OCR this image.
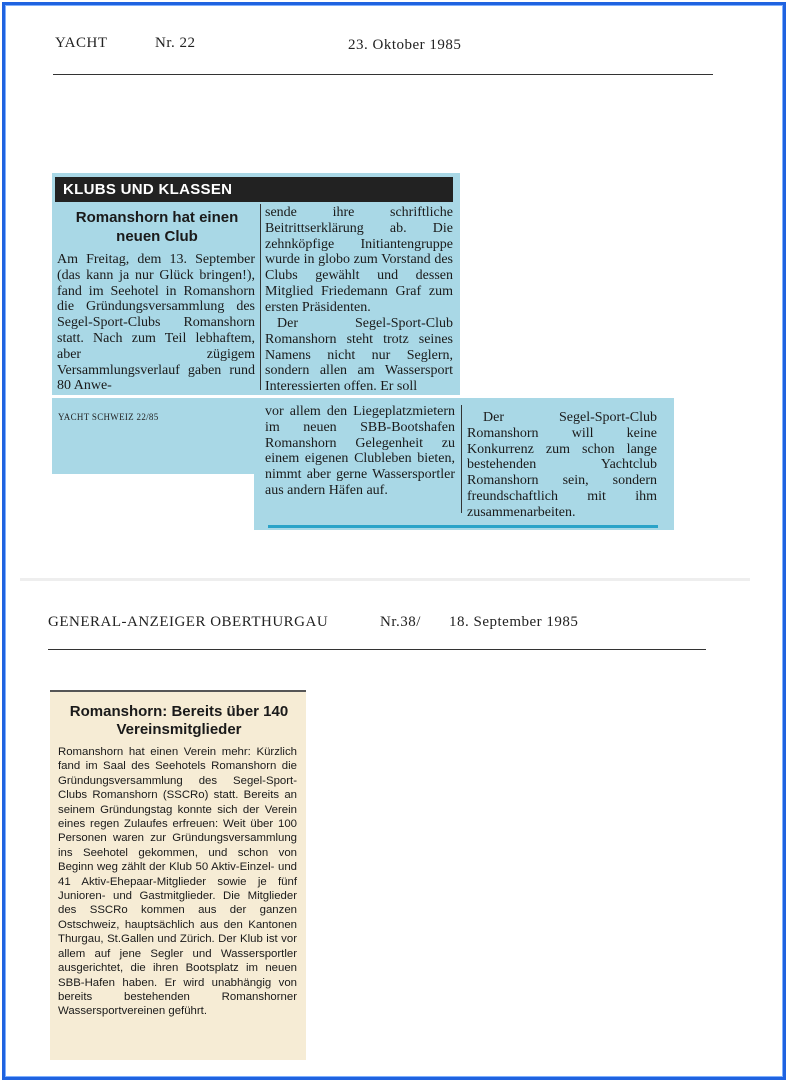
YACHT	Nr. 22	23. Oktober 1985
KLUBS UND KLASSEN
Romanshorn hat einen neuen Club
Am Freitag, dem 13. September (das kann ja nur Glück bringen!), fand im Seehotel in Romanshorn die Gründungsversammlung des Segel-Sport-Clubs Romanshorn statt. Nach zum Teil lebhaftem, aber zügigem Versammlungsverlauf gaben rund 80 Anwe-
sende ihre schriftliche Beitrittserklärung ab. Die zehnköpfige Initiantengruppe wurde in globo zum Vorstand des Clubs gewählt und dessen Mitglied Friedemann Graf zum ersten Präsidenten.
Der Segel-Sport-Club Romanshorn steht trotz seines Namens nicht nur Seglern, sondern allen am Wassersport Interessierten offen. Er soll
YACHT SCHWEIZ 22/85	vor allem den Liegeplatzmietern im neuen SBB-Bootshafen Romanshorn Gelegenheit zu einem eigenen Clubleben bieten, nimmt aber gerne Wassersportler aus andern Häfen auf.
Der Segel-Sport-Club Romanshorn will keine Konkurrenz zum schon lange bestehenden Yachtclub Romanshorn sein, sondern freundschaftlich mit ihm zusammenarbeiten.
GENERAL-ANZEIGER OBERTHURGAU	Nr.38/ 18. September 1985
Romanshorn: Bereits über 140 Vereinsmitglieder
Romanshorn hat einen Verein mehr: Kürzlich fand im Saal des Seehotels Romanshorn die Gründungsversammlung des Segel-Sport-Clubs Romanshorn (SSCRo) statt. Bereits an seinem Gründungstag konnte sich der Verein eines regen Zulaufes erfreuen: Weit über 100 Personen waren zur Gründungsversammlung ins Seehotel gekommen, und schon von Beginn weg zählt der Klub 50 Aktiv-Einzel- und 41 Aktiv-Ehepaar-Mitglieder sowie je fünf Junioren- und Gastmitglieder. Die Mitglieder des SSCRo kommen aus der ganzen Ostschweiz, hauptsächlich aus den Kantonen Thurgau, St.Gallen und Zürich. Der Klub ist vor allem auf jene Segler und Wassersportler ausgerichtet, die ihren Bootsplatz im neuen SBB-Hafen haben. Er wird unabhängig von bereits bestehenden Romanshorner Wassersportvereinen geführt.
